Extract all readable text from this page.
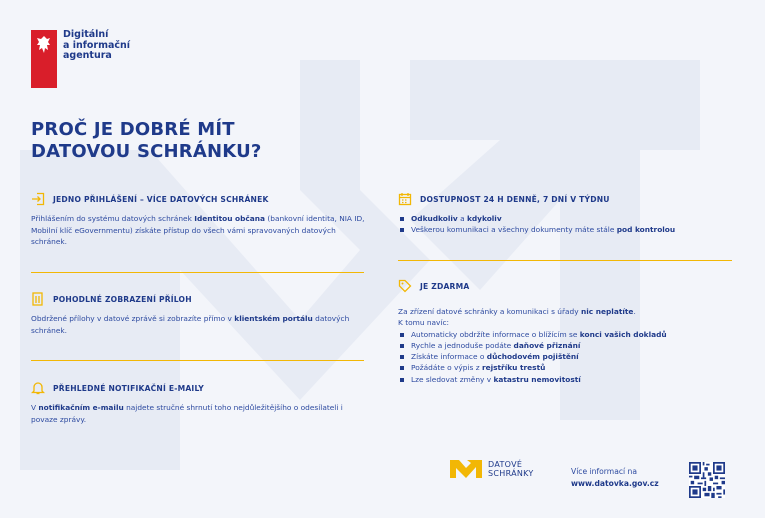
Digitální
a informační
agentura
PROČ JE DOBRÉ MÍT
DATOVOU SCHRÁNKU?
JEDNO PŘIHLÁŠENÍ – VÍCE DATOVÝCH SCHRÁNEK
Přihlášením do systému datových schránek Identitou občana (bankovní identita, NIA ID, Mobilní klíč eGovernmentu) získáte přístup do všech vámi spravovaných datových schránek.
POHODLNÉ ZOBRAZENÍ PŘÍLOH
Obdržené přílohy v datové zprávě si zobrazíte přímo v klientském portálu datových schránek.
PŘEHLEDNÉ NOTIFIKAČNÍ E-MAILY
V notifikačním e-mailu najdete stručné shrnutí toho nejdůležitějšího o odesílateli i povaze zprávy.
DOSTUPNOST 24 H DENNĚ, 7 DNÍ V TÝDNU
Odkudkoliv a kdykoliv
Veškerou komunikaci a všechny dokumenty máte stále pod kontrolou
JE ZDARMA
Za zřízení datové schránky a komunikaci s úřady nic neplatíte.
K tomu navíc:
Automaticky obdržíte informace o blížícím se konci vašich dokladů
Rychle a jednoduše podáte daňové přiznání
Získáte informace o důchodovém pojištění
Požádáte o výpis z rejstříku trestů
Lze sledovat změny v katastru nemovitostí
DATOVÉ
SCHRÁNKY	Více informací na
www.datovka.gov.cz
